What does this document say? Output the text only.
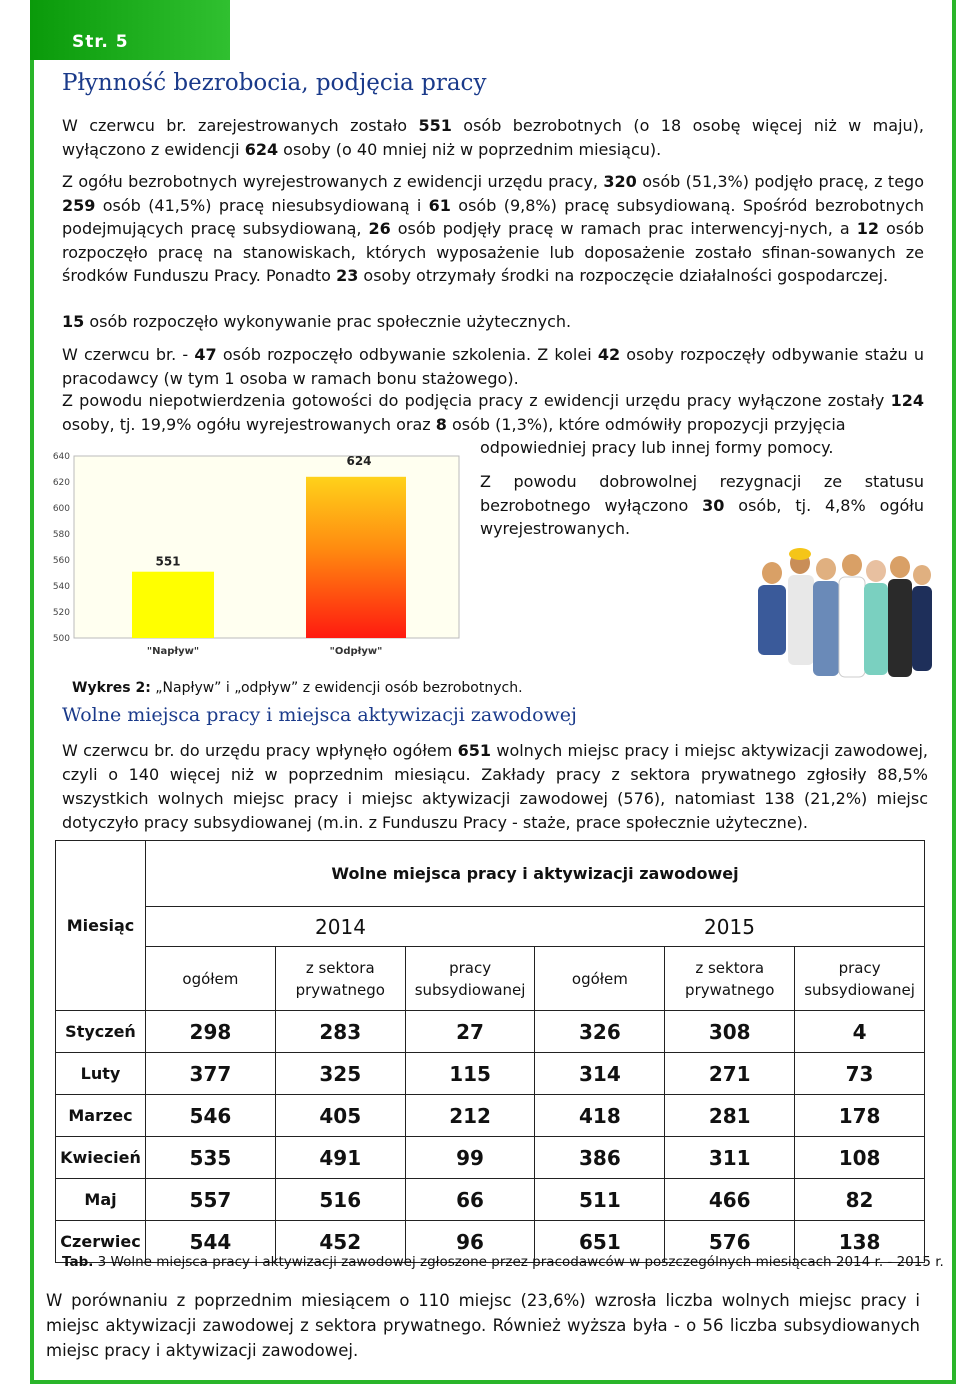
Str. 5
Płynność bezrobocia, podjęcia pracy

W czerwcu br. zarejestrowanych zostało 551 osób bezrobotnych (o 18 osobę więcej niż w maju), wyłączono z ewidencji 624 osoby (o 40 mniej niż w poprzednim miesiącu).

Z ogółu bezrobotnych wyrejestrowanych z ewidencji urzędu pracy, 320 osób (51,3%) podjęło pracę, z tego 259 osób (41,5%) pracę niesubsydiowaną i 61 osób (9,8%) pracę subsydiowaną. Spośród bezrobotnych podejmujących pracę subsydiowaną, 26 osób podjęły pracę w ramach prac interwencyj-nych, a 12 osób rozpoczęło pracę na stanowiskach, których wyposażenie lub doposażenie zostało sfinan-sowanych ze środków Funduszu Pracy. Ponadto 23 osoby otrzymały środki na rozpoczęcie działalności gospodarczej.

15 osób rozpoczęło wykonywanie prac społecznie użytecznych.

W czerwcu br. - 47 osób rozpoczęło odbywanie szkolenia. Z kolei 42 osoby rozpoczęły odbywanie stażu u pracodawcy (w tym 1 osoba w ramach bonu stażowego).

Z powodu niepotwierdzenia gotowości do podjęcia pracy z ewidencji urzędu pracy wyłączone zostały 124 osoby, tj. 19,9% ogółu wyrejestrowanych oraz 8 osób (1,3%), które odmówiły propozycji przyjęcia

odpowiedniej pracy lub innej formy pomocy.

Z powodu dobrowolnej rezygnacji ze statusu bezrobotnego wyłączono 30 osób, tj. 4,8% ogółu wyrejestrowanych.

640
620
600
580
560
540
520
500
551
624
"Napływ"	"Odpływ"

Wykres 2: „Napływ” i „odpływ” z ewidencji osób bezrobotnych.

Wolne miejsca pracy i miejsca aktywizacji zawodowej

W czerwcu br. do urzędu pracy wpłynęło ogółem 651 wolnych miejsc pracy i miejsc aktywizacji zawodowej, czyli o 140 więcej niż w poprzednim miesiącu. Zakłady pracy z sektora prywatnego zgłosiły 88,5% wszystkich wolnych miejsc pracy i miejsc aktywizacji zawodowej (576), natomiast 138 (21,2%) miejsc dotyczyło pracy subsydiowanej (m.in. z Funduszu Pracy - staże, prace społecznie użyteczne).

Miesiąc	Wolne miejsca pracy i aktywizacji zawodowej					
	2014			2015		
	ogółem	z sektora prywatnego	pracy subsydiowanej	ogółem	z sektora prywatnego	pracy subsydiowanej
Styczeń	298	283	27	326	308	4
Luty	377	325	115	314	271	73
Marzec	546	405	212	418	281	178
Kwiecień	535	491	99	386	311	108
Maj	557	516	66	511	466	82
Czerwiec	544	452	96	651	576	138

Tab. 3 Wolne miejsca pracy i aktywizacji zawodowej zgłoszone przez pracodawców w poszczególnych miesiącach 2014 r. - 2015 r.

W porównaniu z poprzednim miesiącem o 110 miejsc (23,6%) wzrosła liczba wolnych miejsc pracy i miejsc aktywizacji zawodowej z sektora prywatnego. Również wyższa była - o 56 liczba subsydiowanych miejsc pracy i aktywizacji zawodowej.
